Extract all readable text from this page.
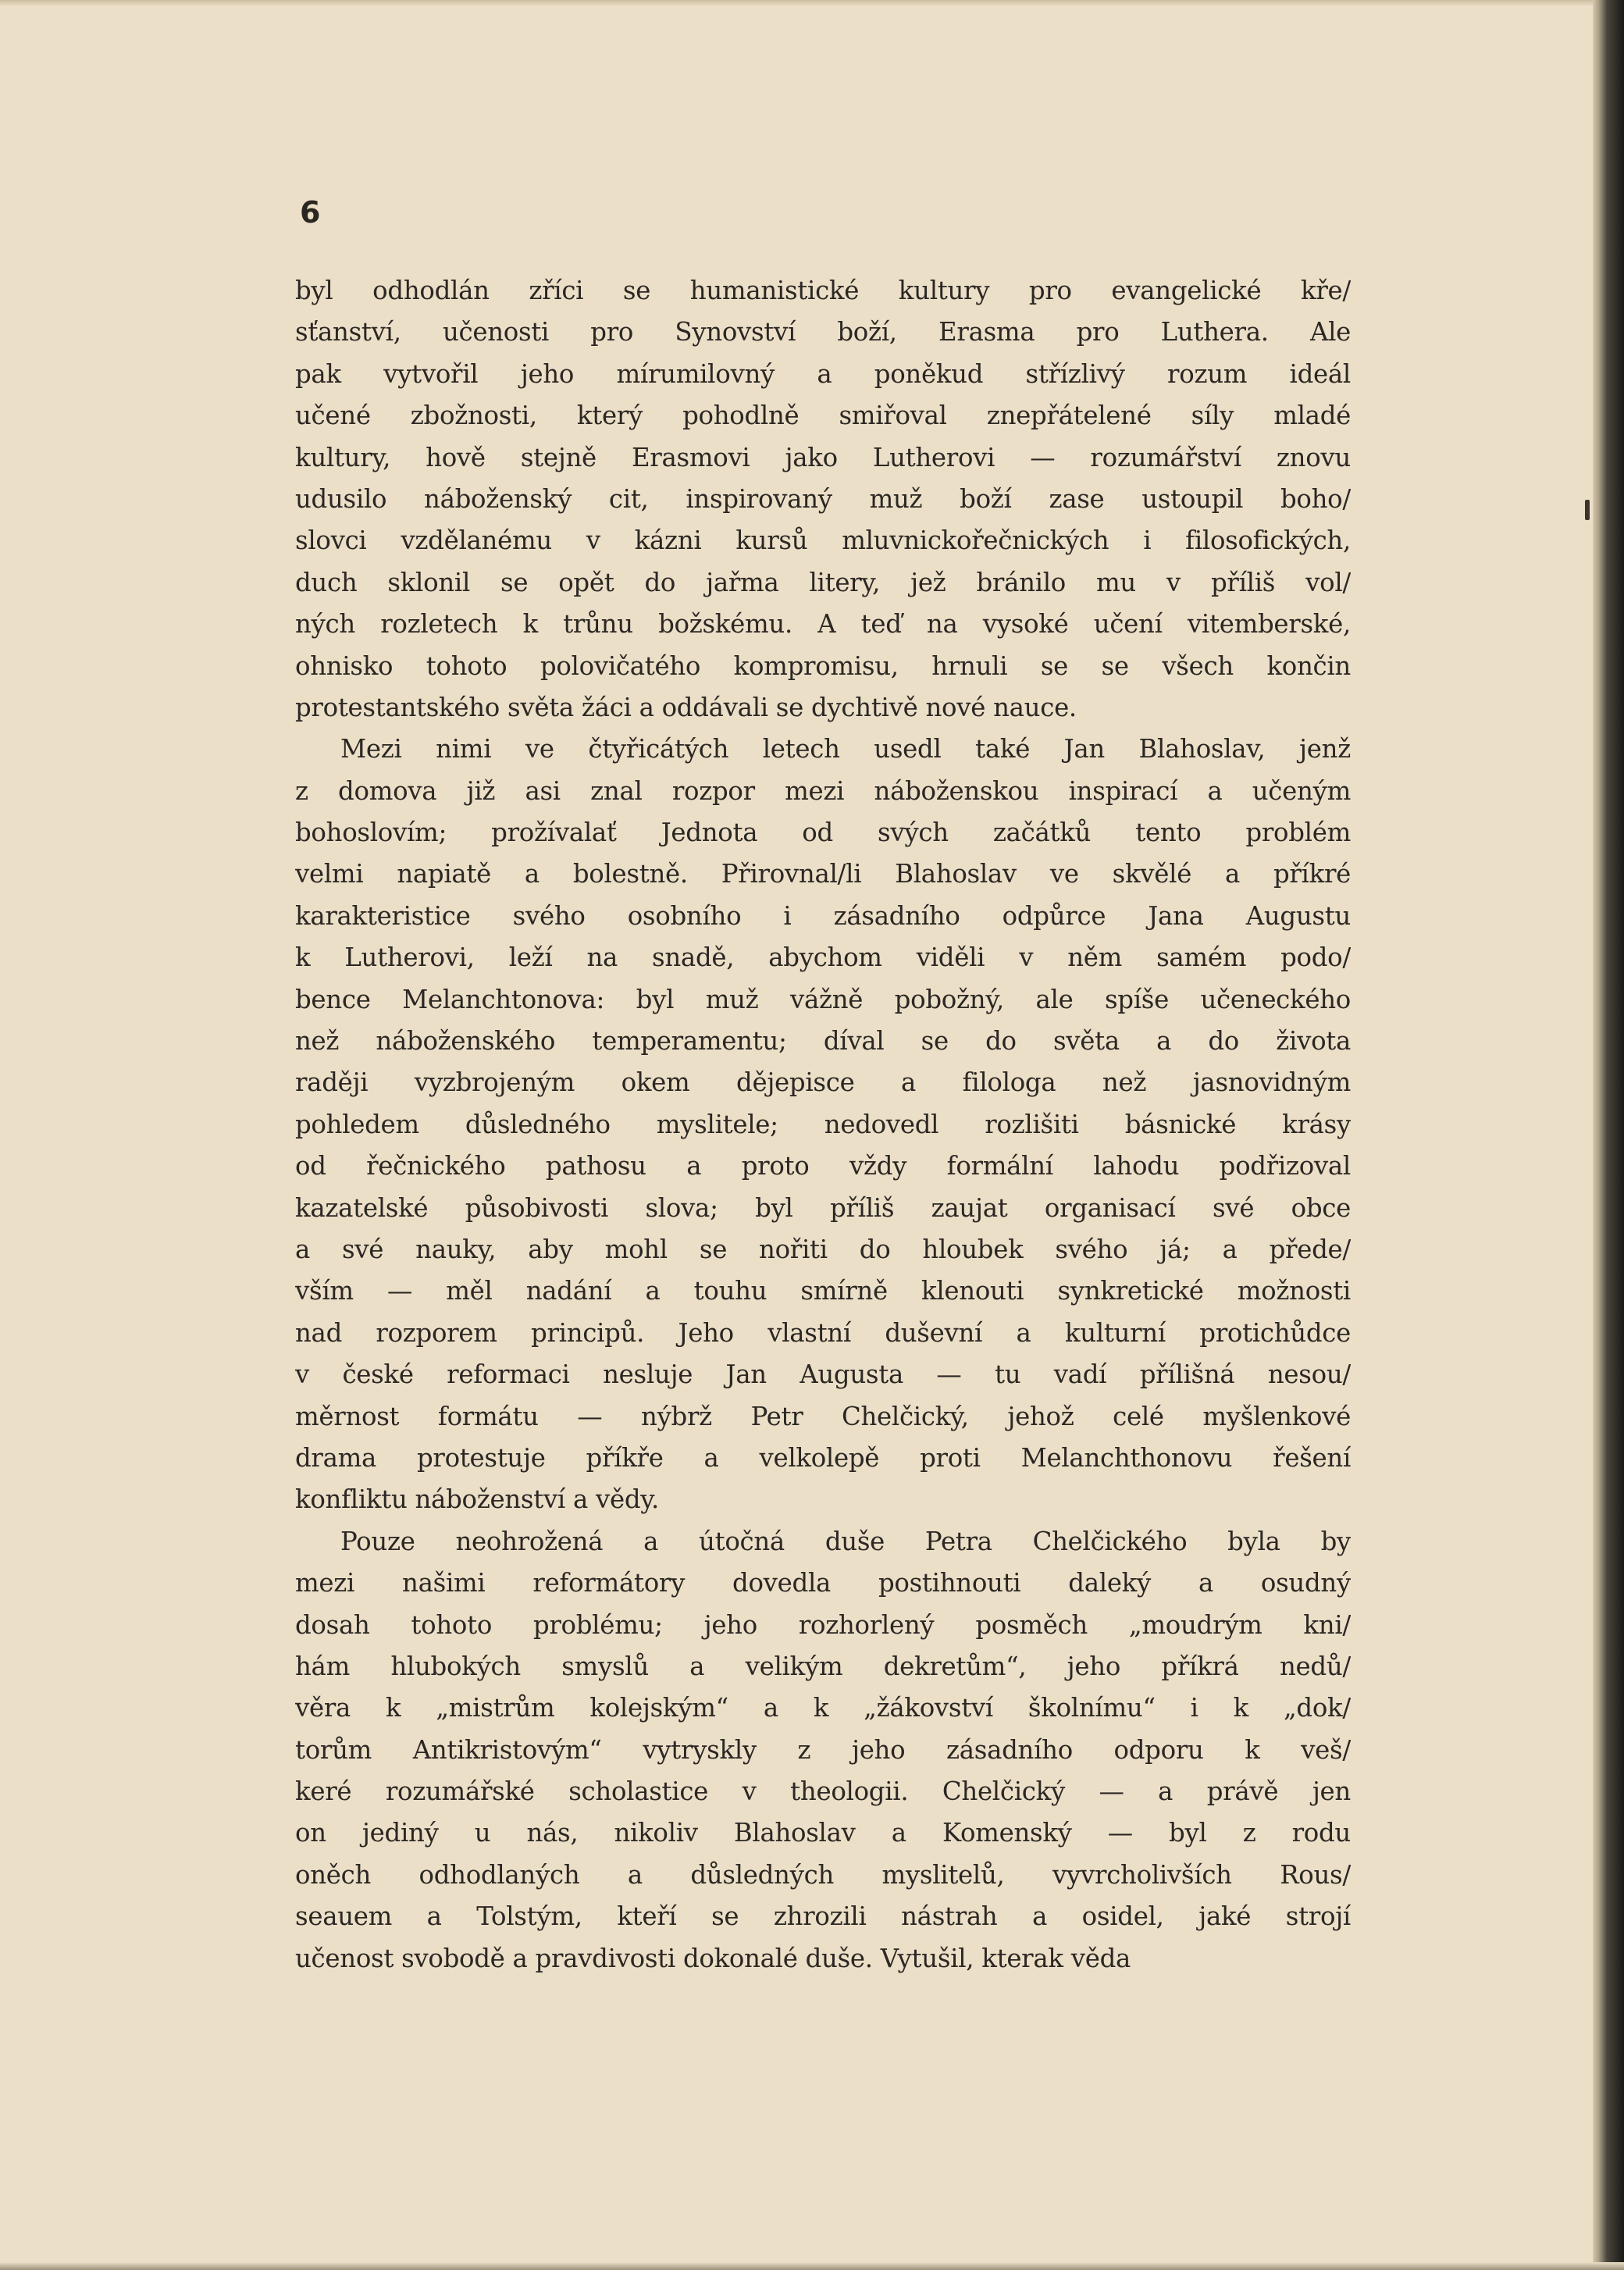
6
byl odhodlán zříci se humanistické kultury pro evangelické kře/
sťanství, učenosti pro Synovství boží, Erasma pro Luthera. Ale
pak vytvořil jeho mírumilovný a poněkud střízlivý rozum ideál
učené zbožnosti, který pohodlně smiřoval znepřátelené síly mladé
kultury, hově stejně Erasmovi jako Lutherovi — rozumářství znovu
udusilo náboženský cit, inspirovaný muž boží zase ustoupil boho/
slovci vzdělanému v kázni kursů mluvnickořečnických i filosofických,
duch sklonil se opět do jařma litery, jež bránilo mu v příliš vol/
ných rozletech k trůnu božskému. A teď na vysoké učení vitemberské,
ohnisko tohoto polovičatého kompromisu, hrnuli se se všech končin
protestantského světa žáci a oddávali se dychtivě nové nauce.
Mezi nimi ve čtyřicátých letech usedl také Jan Blahoslav, jenž
z domova již asi znal rozpor mezi náboženskou inspirací a učeným
bohoslovím; prožívalať Jednota od svých začátků tento problém
velmi napiatě a bolestně. Přirovnal/li Blahoslav ve skvělé a příkré
karakteristice svého osobního i zásadního odpůrce Jana Augustu
k Lutherovi, leží na snadě, abychom viděli v něm samém podo/
bence Melanchtonova: byl muž vážně pobožný, ale spíše učeneckého
než náboženského temperamentu; díval se do světa a do života
raději vyzbrojeným okem dějepisce a filologa než jasnovidným
pohledem důsledného myslitele; nedovedl rozlišiti básnické krásy
od řečnického pathosu a proto vždy formální lahodu podřizoval
kazatelské působivosti slova; byl příliš zaujat organisací své obce
a své nauky, aby mohl se nořiti do hloubek svého já; a přede/
vším — měl nadání a touhu smírně klenouti synkretické možnosti
nad rozporem principů. Jeho vlastní duševní a kulturní protichůdce
v české reformaci nesluje Jan Augusta — tu vadí přílišná nesou/
měrnost formátu — nýbrž Petr Chelčický, jehož celé myšlenkové
drama protestuje příkře a velkolepě proti Melanchthonovu řešení
konfliktu náboženství a vědy.
Pouze neohrožená a útočná duše Petra Chelčického byla by
mezi našimi reformátory dovedla postihnouti daleký a osudný
dosah tohoto problému; jeho rozhorlený posměch „moudrým kni/
hám hlubokých smyslů a velikým dekretům“, jeho příkrá nedů/
věra k „mistrům kolejským“ a k „žákovství školnímu“ i k „dok/
torům Antikristovým“ vytryskly z jeho zásadního odporu k veš/
keré rozumářské scholastice v theologii. Chelčický — a právě jen
on jediný u nás, nikoliv Blahoslav a Komenský — byl z rodu
oněch odhodlaných a důsledných myslitelů, vyvrcholivších Rous/
seauem a Tolstým, kteří se zhrozili nástrah a osidel, jaké strojí
učenost svobodě a pravdivosti dokonalé duše. Vytušil, kterak věda
